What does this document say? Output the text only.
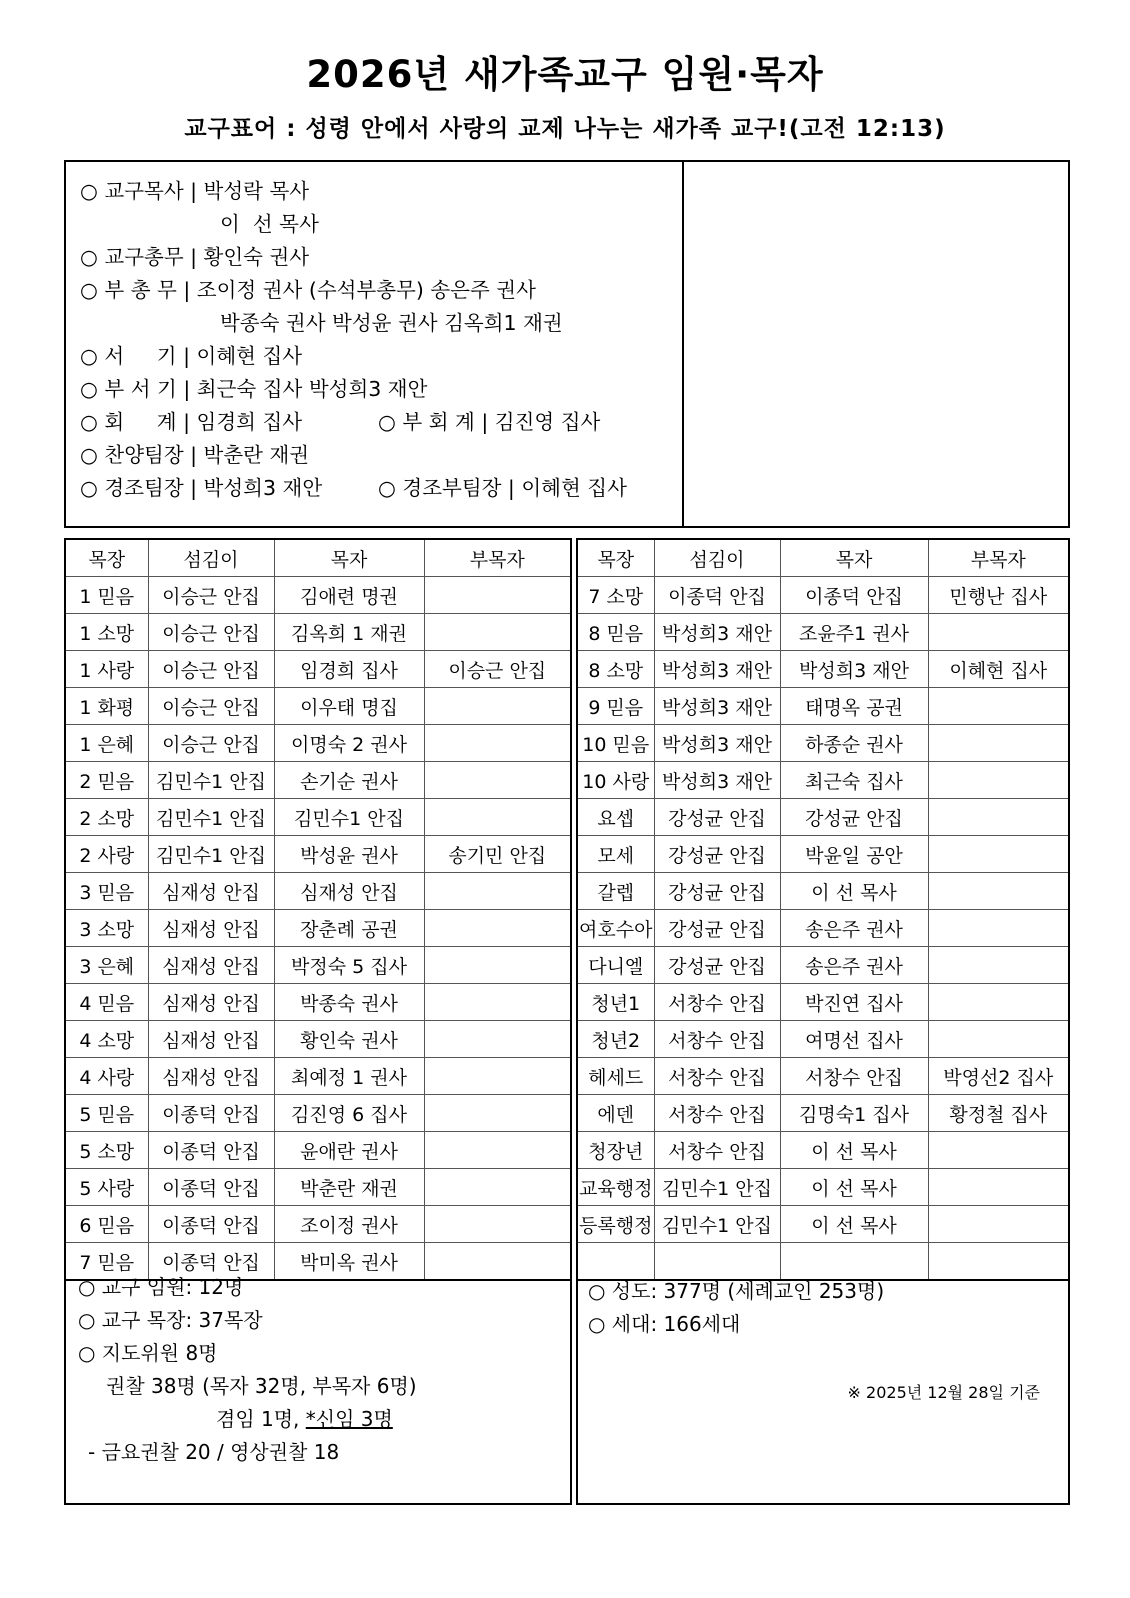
2026년 새가족교구 임원·목자
교구표어 : 성령 안에서 사랑의 교제 나누는 새가족 교구!(고전 12:13)
○ 교구목사 | 박성락 목사
이  선 목사
○ 교구총무 | 황인숙 권사
○ 부 총 무 | 조이정 권사 (수석부총무) 송은주 권사
박종숙 권사 박성윤 권사 김옥희1 재권
○ 서     기 | 이혜현 집사
○ 부 서 기 | 최근숙 집사 박성희3 재안
○ 회     계 | 임경희 집사	○ 부 회 계 | 김진영 집사
○ 찬양팀장 | 박춘란 재권
○ 경조팀장 | 박성희3 재안	○ 경조부팀장 | 이혜현 집사
목장	섬김이	목자	부목자
1 믿음	이승근 안집	김애련 명권	
1 소망	이승근 안집	김옥희 1 재권	
1 사랑	이승근 안집	임경희 집사	이승근 안집
1 화평	이승근 안집	이우태 명집	
1 은혜	이승근 안집	이명숙 2 권사	
2 믿음	김민수1 안집	손기순 권사	
2 소망	김민수1 안집	김민수1 안집	
2 사랑	김민수1 안집	박성윤 권사	송기민 안집
3 믿음	심재성 안집	심재성 안집	
3 소망	심재성 안집	장춘례 공권	
3 은혜	심재성 안집	박정숙 5 집사	
4 믿음	심재성 안집	박종숙 권사	
4 소망	심재성 안집	황인숙 권사	
4 사랑	심재성 안집	최예정 1 권사	
5 믿음	이종덕 안집	김진영 6 집사	
5 소망	이종덕 안집	윤애란 권사	
5 사랑	이종덕 안집	박춘란 재권	
6 믿음	이종덕 안집	조이정 권사	
7 믿음	이종덕 안집	박미옥 권사	
○ 교구 임원: 12명
○ 교구 목장: 37목장
○ 지도위원 8명
권찰 38명 (목자 32명, 부목자 6명)
겸임 1명, *신임 3명
- 금요권찰 20 / 영상권찰 18
목장	섬김이	목자	부목자
7 소망	이종덕 안집	이종덕 안집	민행난 집사
8 믿음	박성희3 재안	조윤주1 권사	
8 소망	박성희3 재안	박성희3 재안	이혜현 집사
9 믿음	박성희3 재안	태명옥 공권	
10 믿음	박성희3 재안	하종순 권사	
10 사랑	박성희3 재안	최근숙 집사	
요셉	강성균 안집	강성균 안집	
모세	강성균 안집	박윤일 공안	
갈렙	강성균 안집	이 선 목사	
여호수아	강성균 안집	송은주 권사	
다니엘	강성균 안집	송은주 권사	
청년1	서창수 안집	박진연 집사	
청년2	서창수 안집	여명선 집사	
헤세드	서창수 안집	서창수 안집	박영선2 집사
에덴	서창수 안집	김명숙1 집사	황정철 집사
청장년	서창수 안집	이 선 목사	
교육행정	김민수1 안집	이 선 목사	
등록행정	김민수1 안집	이 선 목사	

○ 성도: 377명 (세례교인 253명)
○ 세대: 166세대
※ 2025년 12월 28일 기준
